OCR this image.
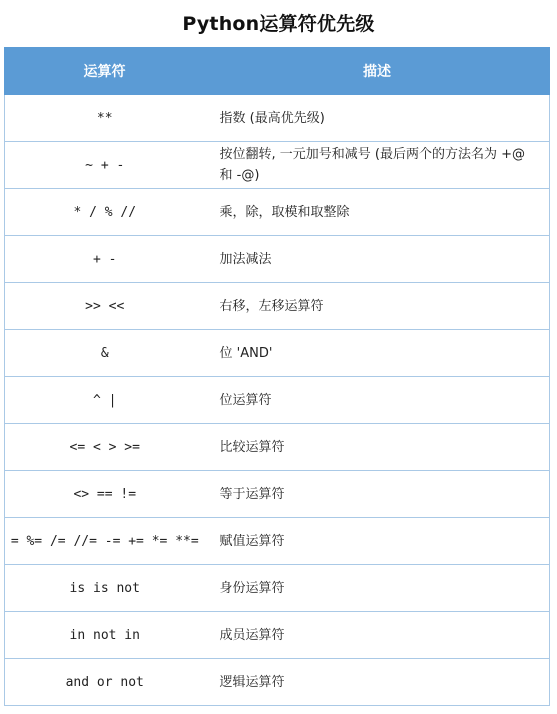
Python运算符优先级
运算符	描述
**	指数 (最高优先级)
~ + -	按位翻转, 一元加号和减号 (最后两个的方法名为 +@ 和 -@)
* / % //	乘，除，取模和取整除
+ -	加法减法
>> <<	右移，左移运算符
&	位 'AND'
^ |	位运算符
<= < > >=	比较运算符
<> == !=	等于运算符
= %= /= //= -= += *= **=	赋值运算符
is is not	身份运算符
in not in	成员运算符
and or not	逻辑运算符
